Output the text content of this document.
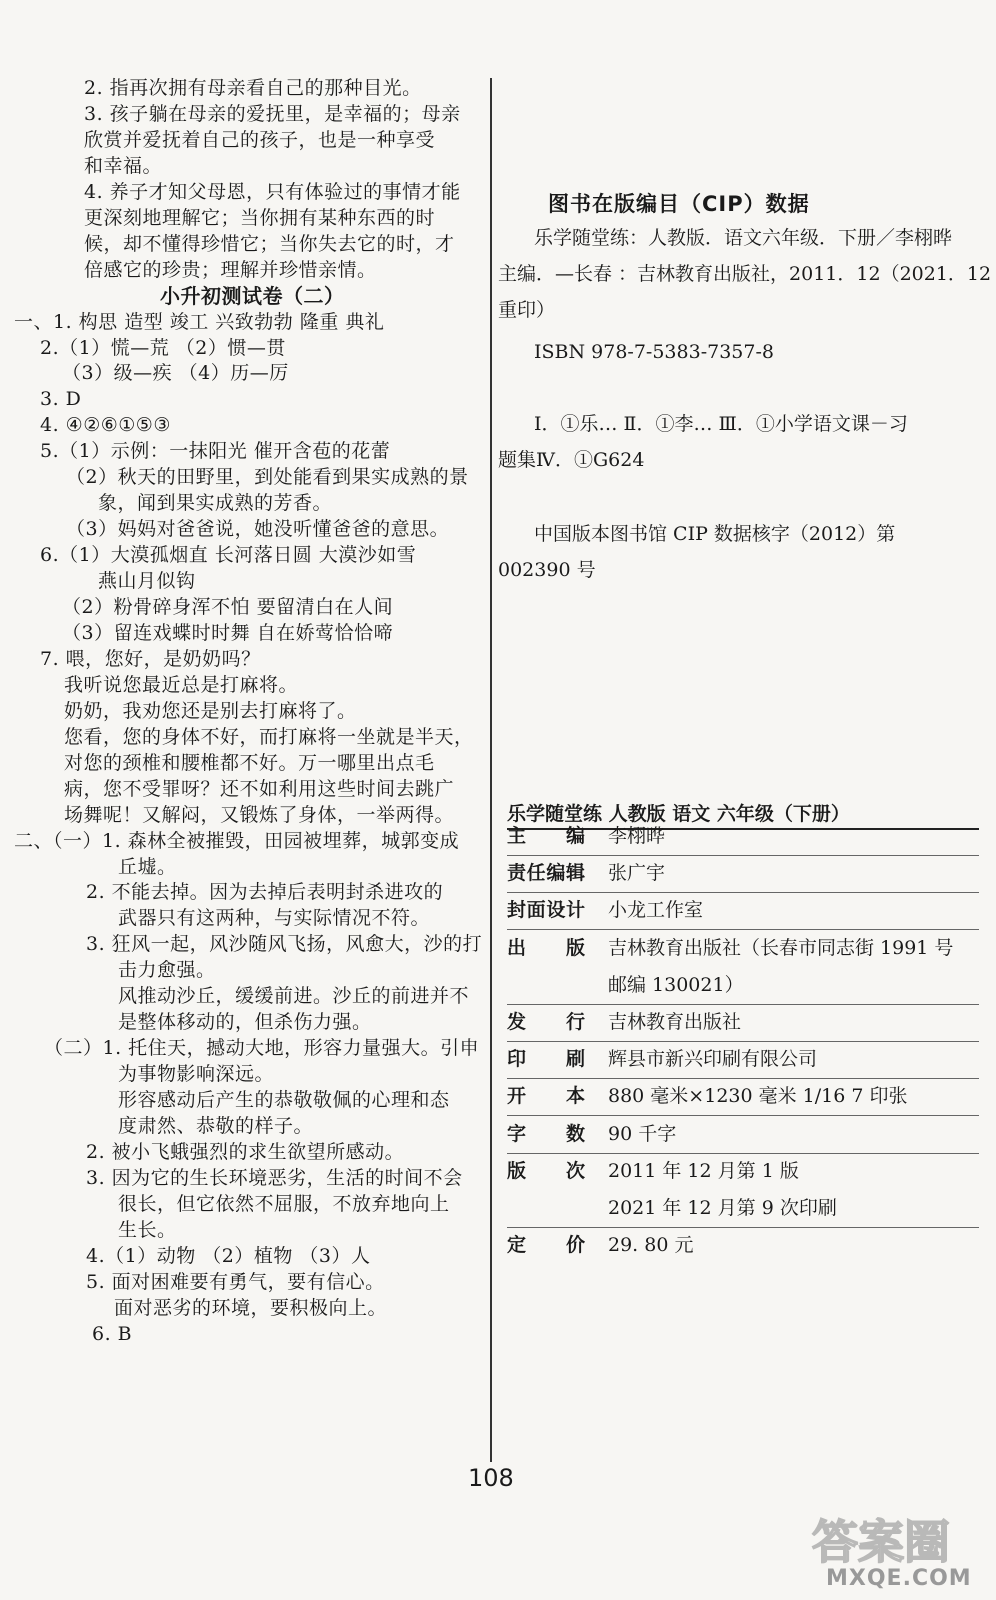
2. 指再次拥有母亲看自己的那种目光。
3. 孩子躺在母亲的爱抚里，是幸福的；母亲
欣赏并爱抚着自己的孩子，也是一种享受
和幸福。
4. 养子才知父母恩，只有体验过的事情才能
更深刻地理解它；当你拥有某种东西的时
候，却不懂得珍惜它；当你失去它的时，才
倍感它的珍贵；理解并珍惜亲情。
小升初测试卷（二）
一、1. 构思 造型 竣工 兴致勃勃 隆重 典礼
2.（1）慌—荒 （2）惯—贯
（3）级—疾 （4）历—厉
3. D
4. ④②⑥①⑤③
5.（1）示例：一抹阳光 催开含苞的花蕾
（2）秋天的田野里，到处能看到果实成熟的景
象，闻到果实成熟的芳香。
（3）妈妈对爸爸说，她没听懂爸爸的意思。
6.（1）大漠孤烟直 长河落日圆 大漠沙如雪
燕山月似钩
（2）粉骨碎身浑不怕 要留清白在人间
（3）留连戏蝶时时舞 自在娇莺恰恰啼
7. 喂，您好，是奶奶吗？
我听说您最近总是打麻将。
奶奶，我劝您还是别去打麻将了。
您看，您的身体不好，而打麻将一坐就是半天，
对您的颈椎和腰椎都不好。万一哪里出点毛
病，您不受罪呀？还不如利用这些时间去跳广
场舞呢！又解闷，又锻炼了身体，一举两得。
二、（一）1. 森林全被摧毁，田园被埋葬，城郭变成
丘墟。
2. 不能去掉。因为去掉后表明封杀进攻的
武器只有这两种，与实际情况不符。
3. 狂风一起，风沙随风飞扬，风愈大，沙的打
击力愈强。
风推动沙丘，缓缓前进。沙丘的前进并不
是整体移动的，但杀伤力强。
（二）1. 托住天，撼动大地，形容力量强大。引申
为事物影响深远。
形容感动后产生的恭敬敬佩的心理和态
度肃然、恭敬的样子。
2. 被小飞蛾强烈的求生欲望所感动。
3. 因为它的生长环境恶劣，生活的时间不会
很长，但它依然不屈服，不放弃地向上
生长。
4.（1）动物 （2）植物 （3）人
5. 面对困难要有勇气，要有信心。
面对恶劣的环境，要积极向上。
6. B
图书在版编目（CIP）数据
乐学随堂练：人教版．语文六年级．下册／李栩晔
主编．—长春 ：吉林教育出版社，2011．12（2021．12
重印）
ISBN 978-7-5383-7357-8
Ⅰ．①乐… Ⅱ．①李… Ⅲ．①小学语文课－习
题集Ⅳ．①G624
中国版本图书馆 CIP 数据核字（2012）第
002390 号
乐学随堂练 人教版 语文 六年级（下册）
主 编 李栩晔
责 任 编 辑 张广宇
封 面 设 计 小龙工作室
出 版 吉林教育出版社（长春市同志街 1991 号
邮编 130021）
发 行 吉林教育出版社
印 刷 辉县市新兴印刷有限公司
开 本 880 毫米×1230 毫米 1/16 7 印张
字 数 90 千字
版 次 2011 年 12 月第 1 版
2021 年 12 月第 9 次印刷
定 价 29. 80 元
108
答案圈
MXQE.COM
